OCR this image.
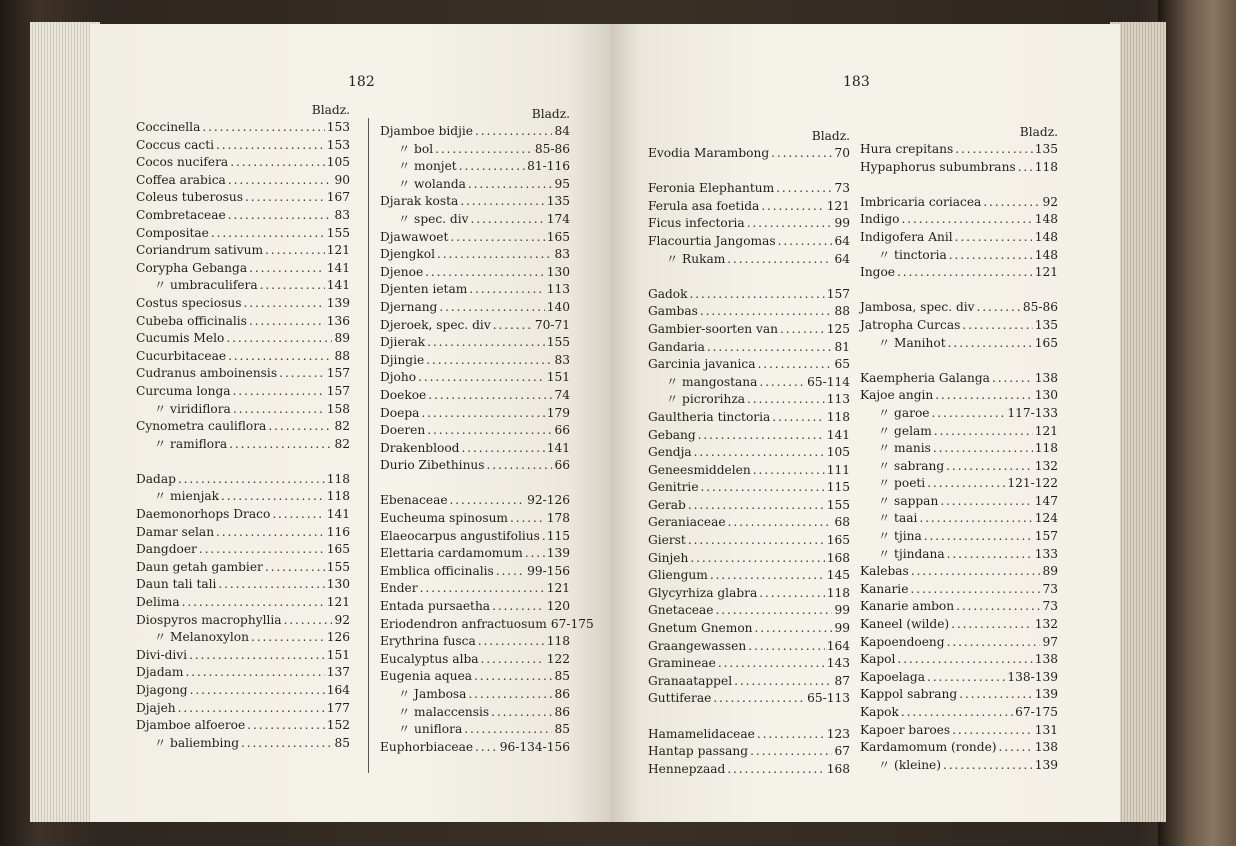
182
Bladz.
Coccinella . . .	153
Coccus cacti . . .	153
Cocos nucifera . . .	105
Coffea arabica . . .	90
Coleus tuberosus . . .	167
Combretaceae . . .	83
Compositae . . .	155
Coriandrum sativum . . .	121
Corypha Gebanga . . .	141
〃 umbraculifera . . .	141
Costus speciosus . . .	139
Cubeba officinalis . . .	136
Cucumis Melo . . .	89
Cucurbitaceae . . .	88
Cudranus amboinensis . . .	157
Curcuma longa . . .	157
〃 viridiflora . . .	158
Cynometra cauliflora . . .	82
〃 ramiflora . . .	82
Dadap . . .	118
〃 mienjak . . .	118
Daemonorhops Draco . . .	141
Damar selan . . .	116
Dangdoer . . .	165
Daun getah gambier . . .	155
Daun tali tali . . .	130
Delima . . .	121
Diospyros macrophyllia . . .	92
〃 Melanoxylon . . .	126
Divi-divi . . .	151
Djadam . . .	137
Djagong . . .	164
Djajeh . . .	177
Djamboe alfoeroe . . .	152
〃 baliembing . . .	85
Bladz.
Djamboe bidjie . . .	84
〃 bol . . .	85-86
〃 monjet . . .	81-116
〃 wolanda . . .	95
Djarak kosta . . .	135
〃 spec. div . . .	174
Djawawoet . . .	165
Djengkol . . .	83
Djenoe . . .	130
Djenten ietam . . .	113
Djernang . . .	140
Djeroek, spec. div . . .	70-71
Djierak . . .	155
Djingie . . .	83
Djoho . . .	151
Doekoe . . .	74
Doepa . . .	179
Doeren . . .	66
Drakenblood . . .	141
Durio Zibethinus . . .	66
Ebenaceae . . .	92-126
Eucheuma spinosum . . .	178
Elaeocarpus angustifolius . . . 115
Elettaria cardamomum . . . 139
Emblica officinalis . . .	99-156
Ender . . .	121
Entada pursaetha . . .	120
Eriodendron anfractuosum 67-175
Erythrina fusca . . .	118
Eucalyptus alba . . .	122
Eugenia aquea . . .	85
〃 Jambosa . . .	86
〃 malaccensis . . .	86
〃 uniflora . . .	85
Euphorbiaceae . . . 96-134-156
183
Bladz.
Evodia Marambong . . .	70
Feronia Elephantum . . .	73
Ferula asa foetida . . .	121
Ficus infectoria . . .	99
Flacourtia Jangomas . . .	64
〃 Rukam . . .	64
Gadok . . .	157
Gambas . . .	88
Gambier-soorten van . . .	125
Gandaria . . .	81
Garcinia javanica . . .	65
〃 mangostana . . .	65-114
〃 picrorihza . . .	113
Gaultheria tinctoria . . .	118
Gebang . . .	141
Gendja . . .	105
Geneesmiddelen . . .	111
Genitrie . . .	115
Gerab . . .	155
Geraniaceae . . .	68
Gierst . . .	165
Ginjeh . . .	168
Gliengum . . .	145
Glycyrhiza glabra . . .	118
Gnetaceae . . .	99
Gnetum Gnemon . . .	99
Graangewassen . . .	164
Gramineae . . .	143
Granaatappel . . .	87
Guttiferae . . .	65-113
Hamamelidaceae . . .	123
Hantap passang . . .	67
Hennepzaad . . .	168
Bladz.
Hura crepitans . . .	135
Hypaphorus subumbrans . . . 118
Imbricaria coriacea . . .	92
Indigo . . .	148
Indigofera Anil . . .	148
〃 tinctoria . . .	148
Ingoe . . .	121
Jambosa, spec. div . . .	85-86
Jatropha Curcas . . .	135
〃 Manihot . . .	165
Kaempheria Galanga . . .	138
Kajoe angin . . .	130
〃 garoe . . .	117-133
〃 gelam . . .	121
〃 manis . . .	118
〃 sabrang . . .	132
〃 poeti . . .	121-122
〃 sappan . . .	147
〃 taai . . .	124
〃 tjina . . .	157
〃 tjindana . . .	133
Kalebas . . .	89
Kanarie . . .	73
Kanarie ambon . . .	73
Kaneel (wilde) . . .	132
Kapoendoeng . . .	97
Kapol . . .	138
Kapoelaga . . .	138-139
Kappol sabrang . . .	139
Kapok . . .	67-175
Kapoer baroes . . .	131
Kardamomum (ronde) . . .	138
〃 (kleine) . . .	139
